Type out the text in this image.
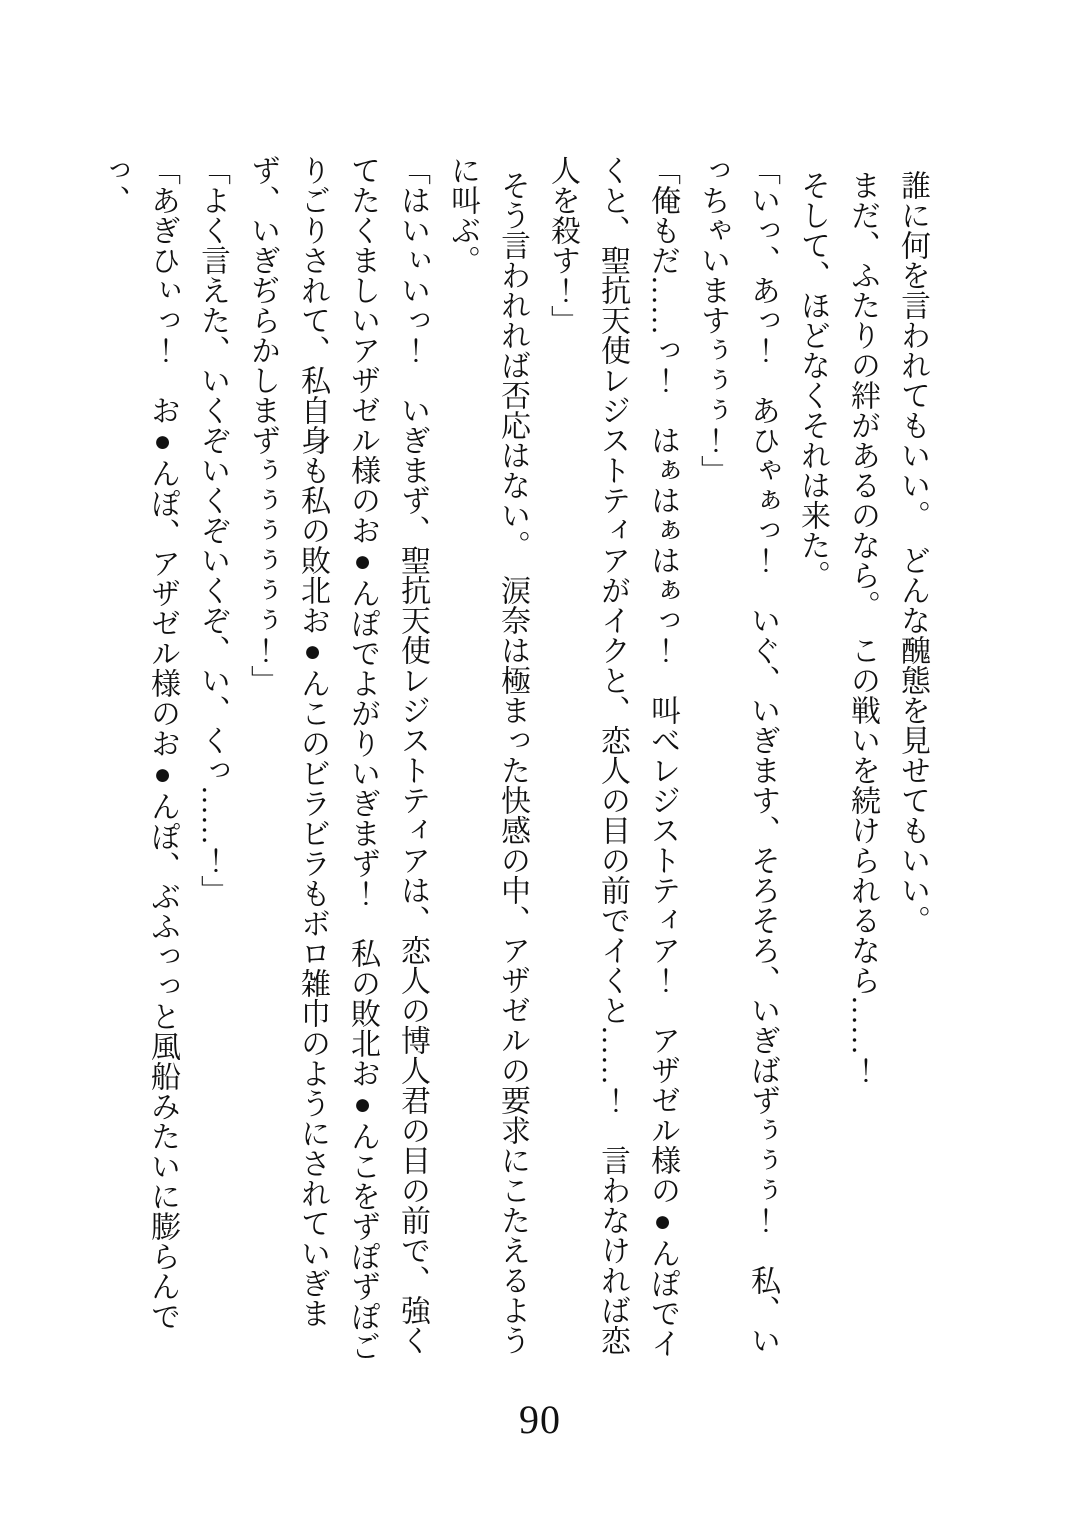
誰に何を言われてもいい。　どんな醜態を見せてもいい。

まだ、ふたりの絆があるのなら。　この戦いを続けられるなら……！

そして、ほどなくそれは来た。

「いっ、あっ！　あひゃぁっ！　いぐ、いぎます、そろそろ、いぎばずぅぅぅ！　私、いっちゃいますぅぅぅ！」

「俺もだ……っ！　はぁはぁはぁっ！　叫べレジストティア！　アザゼル様の●んぽでイくと、聖抗天使レジストティアがイクと、恋人の目の前でイくと……！　言わなければ恋人を殺す！」

そう言われれば否応はない。　涙奈は極まった快感の中、アザゼルの要求にこたえるように叫ぶ。

「はいぃいっ！　いぎまず、聖抗天使レジストティアは、恋人の博人君の目の前で、強くてたくましいアザゼル様のお●んぽでよがりいぎまず！　私の敗北お●んこをずぽずぽごりごりされて、私自身も私の敗北お●んこのビラビラもボロ雑巾のようにされていぎまず、いぎぢらかしまずぅぅぅぅぅぅ！」

「よく言えた、いくぞいくぞいくぞ、い、くっ……！」

「あぎひぃっ！　お●んぽ、アザゼル様のお●んぽ、ぶふっっと風船みたいに膨らんでっ、

90
